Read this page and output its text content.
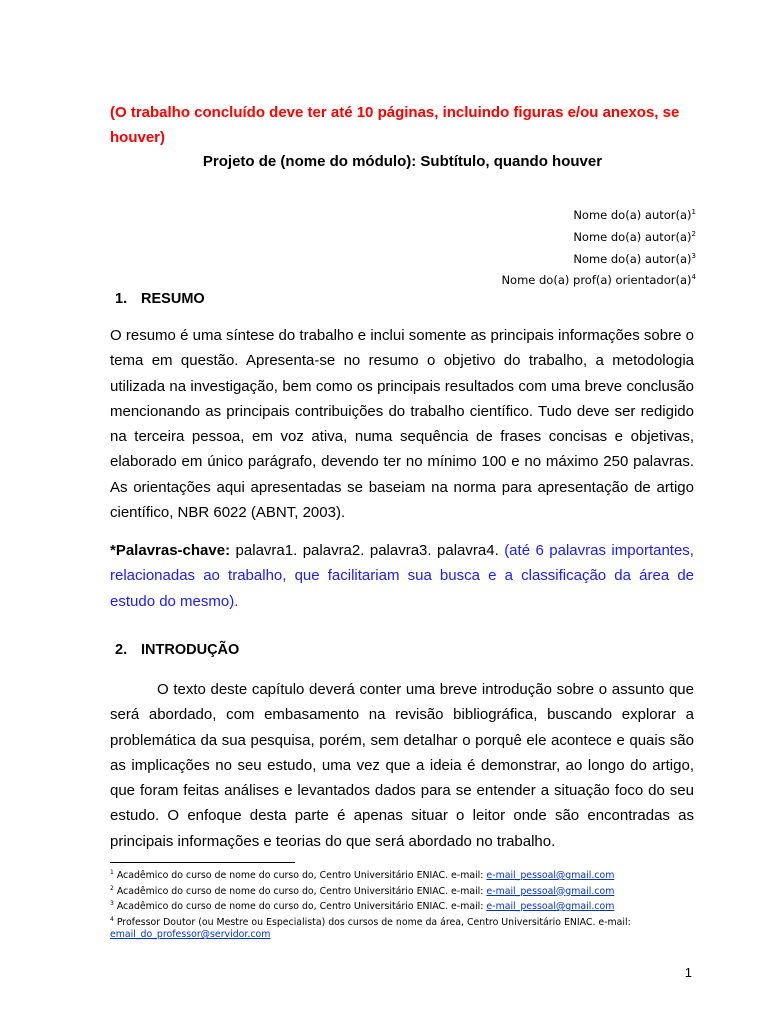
(O trabalho concluído deve ter até 10 páginas, incluindo figuras e/ou anexos, se houver)
Projeto de (nome do módulo): Subtítulo, quando houver
Nome do(a) $autor(a)^1$
Nome do(a) $autor(a)^2$
Nome do(a) $autor(a)^3$
Nome do(a) prof(a) $orientador(a)^4$
1. RESUMO
O resumo é uma síntese do trabalho e inclui somente as principais informações sobre o tema em questão. Apresenta-se no resumo o objetivo do trabalho, a metodologia utilizada na investigação, bem como os principais resultados com uma breve conclusão mencionando as principais contribuições do trabalho científico. Tudo deve ser redigido na terceira pessoa, em voz ativa, numa sequência de frases concisas e objetivas, elaborado em único parágrafo, devendo ter no mínimo 100 e no máximo 250 palavras. As orientações aqui apresentadas se baseiam na norma para apresentação de artigo científico, NBR 6022 (ABNT, 2003).
*Palavras-chave: palavra1. palavra2. palavra3. palavra4. (até 6 palavras importantes, relacionadas ao trabalho, que facilitariam sua busca e a classificação da área de estudo do mesmo).
2. INTRODUÇÃO
O texto deste capítulo deverá conter uma breve introdução sobre o assunto que será abordado, com embasamento na revisão bibliográfica, buscando explorar a problemática da sua pesquisa, porém, sem detalhar o porquê ele acontece e quais são as implicações no seu estudo, uma vez que a ideia é demonstrar, ao longo do artigo, que foram feitas análises e levantados dados para se entender a situação foco do seu estudo. O enfoque desta parte é apenas situar o leitor onde são encontradas as principais informações e teorias do que será abordado no trabalho.
$^1$ Acadêmico do curso de nome do curso do, Centro Universitário ENIAC. e-mail: e-mail_pessoal@gmail.com
$^2$ Acadêmico do curso de nome do curso do, Centro Universitário ENIAC. e-mail: e-mail_pessoal@gmail.com
$^3$ Acadêmico do curso de nome do curso do, Centro Universitário ENIAC. e-mail: e-mail_pessoal@gmail.com
$^4$ Professor Doutor (ou Mestre ou Especialista) dos cursos de nome da área, Centro Universitário ENIAC. e-mail: email_do_professor@servidor.com
1
